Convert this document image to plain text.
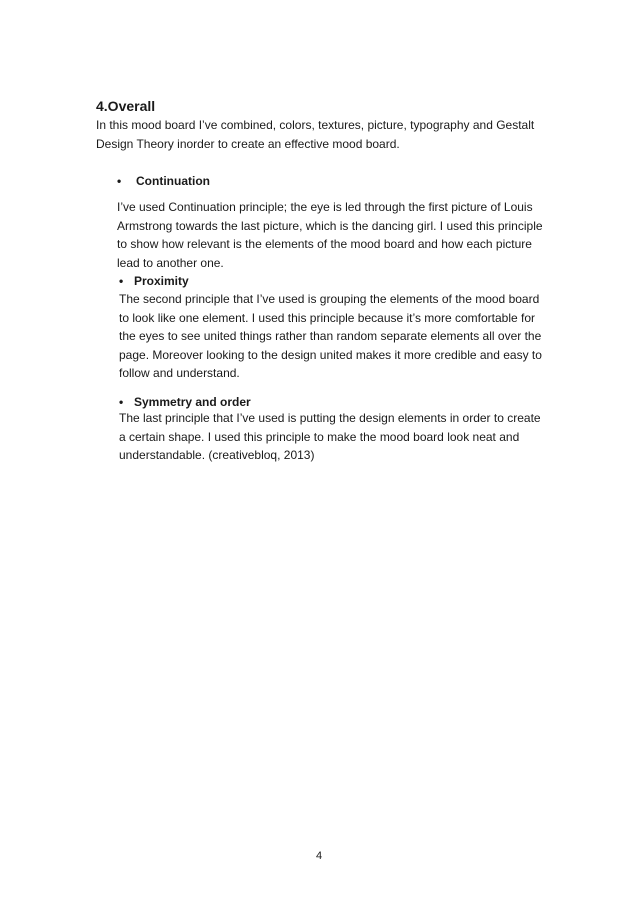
4.Overall

In this mood board I’ve combined, colors, textures, picture, typography and Gestalt
Design Theory inorder to create an effective mood board.

• Continuation

I’ve used Continuation principle; the eye is led through the first picture of Louis
Armstrong towards the last picture, which is the dancing girl. I used this principle
to show how relevant is the elements of the mood board and how each picture
lead to another one.

• Proximity

The second principle that I’ve used is grouping the elements of the mood board
to look like one element. I used this principle because it’s more comfortable for
the eyes to see united things rather than random separate elements all over the
page. Moreover looking to the design united makes it more credible and easy to
follow and understand.

• Symmetry and order

The last principle that I’ve used is putting the design elements in order to create
a certain shape. I used this principle to make the mood board look neat and
understandable. (creativebloq, 2013)

4
